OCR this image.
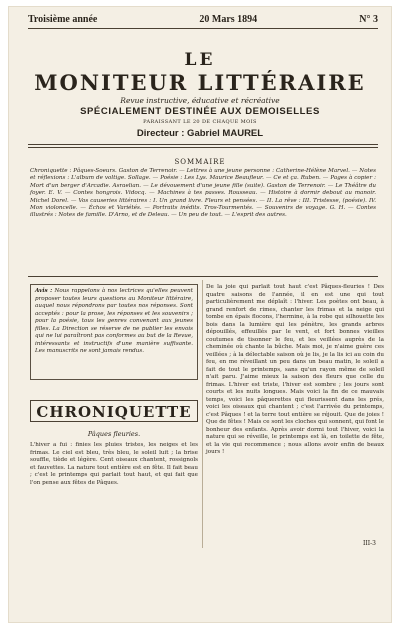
Troisième année	20 Mars 1894	N° 3
LE
MONITEUR LITTÉRAIRE
Revue instructive, éducative et récréative
SPÉCIALEMENT DESTINÉE AUX DEMOISELLES
PARAISSANT LE 20 DE CHAQUE MOIS
Directeur : Gabriel MAUREL
SOMMAIRE
Chroniquette : Pâques-Soeurs. Gaston de Terrenoir. — Lettres à une jeune personne : Catherine-Hélène Marvel. — Notes et réflexions : L'album de voltige. Sollage. — Poésie : Les Lys. Maurice Beaufleur. — Ce et ça. Ruben. — Pages à copier : Mort d'un berger d'Arcadie. Asraelian. — Le dévouement d'une jeune fille (suite). Gaston de Terrenoir. — Le Théâtre du foyer. E. V. — Contes hongrois. Vidocq. — Machines à tes passes. Rousseau. — Histoire à dormir debout au manoir. Michel Dorel. — Vos causeries littéraires : I. Un grand livre. Fleurs et pensées. — II. La rêve : III. Tristesse, (poésie). IV. Mon violoncelle. — Échos et Variétés. — Portraits inédits. Tros-Tourmentés. — Souvenirs de voyage. G. H. — Contes illustrés : Notes de famille. D'Arno, et de Deleau. — Un peu de tout. — L'esprit des autres.
Avis : Nous rappelons à nos lectrices qu'elles peuvent proposer toutes leurs questions au Moniteur littéraire, auquel nous répondrons par toutes nos réponses. Sont acceptés : pour la prose, les réponses et les souvenirs ; pour la poésie, tous les genres convenant aux jeunes filles. La Direction se réserve de ne publier les envois qui ne lui paraîtront pas conformes au but de la Revue, intéressants et instructifs d'une manière suffisante. Les manuscrits ne sont jamais rendus.
CHRONIQUETTE
Pâques fleuries.
L'hiver a fui : finies les pluies tristes, les neiges et les frimas. Le ciel est bleu, très bleu, le soleil luit ; la brise souffle, tiède et légère. Cent oiseaux chantent, rossignols et fauvettes. La nature tout entière est en fête. Il fait beau ; c'est le printemps qui parlait tout haut, et qui fait que l'on pense aux fêtes de Pâques.
De la joie qui parlait tout haut c'est Pâques-fleuries ! Des quatre saisons de l'année, il en est une qui tout particulièrement me déplaît : l'hiver. Les poètes ont beau, à grand renfort de rimes, chanter les frimas et la neige qui tombe en épais flocons, l'hermine, à la robe qui silhouette les bois dans la lumière qui les pénètre, les grands arbres dépouillés, effeuillés par le vent, et fort bonnes vieilles coutumes de tisonner le feu, et les veillées auprès de la cheminée où chante la bûche. Mais moi, je n'aime guère ces veillées ; à la délectable saison où je lis, je la lis ici au coin du feu, en me réveillant un peu dans un beau matin, le soleil a fait de tout le printemps, sans qu'un rayon même de soleil n'ait paru. J'aime mieux la saison des fleurs que celle du frimas. L'hiver est triste, l'hiver est sombre ; les jours sont courts et les nuits longues. Mais voici la fin de ce mauvais temps, voici les pâquerettes qui fleurissent dans les prés, voici les oiseaux qui chantent ; c'est l'arrivée du printemps, c'est Pâques ! et la terre tout entière se réjouit. Que de joies ! Que de fêtes ! Mais ce sont les cloches qui sonnent, qui font le bonheur des enfants. Après avoir dormi tout l'hiver, voici la nature qui se réveille, le printemps est là, en toilette de fête, et la vie qui recommence ; nous allons avoir enfin de beaux jours !
III-3
